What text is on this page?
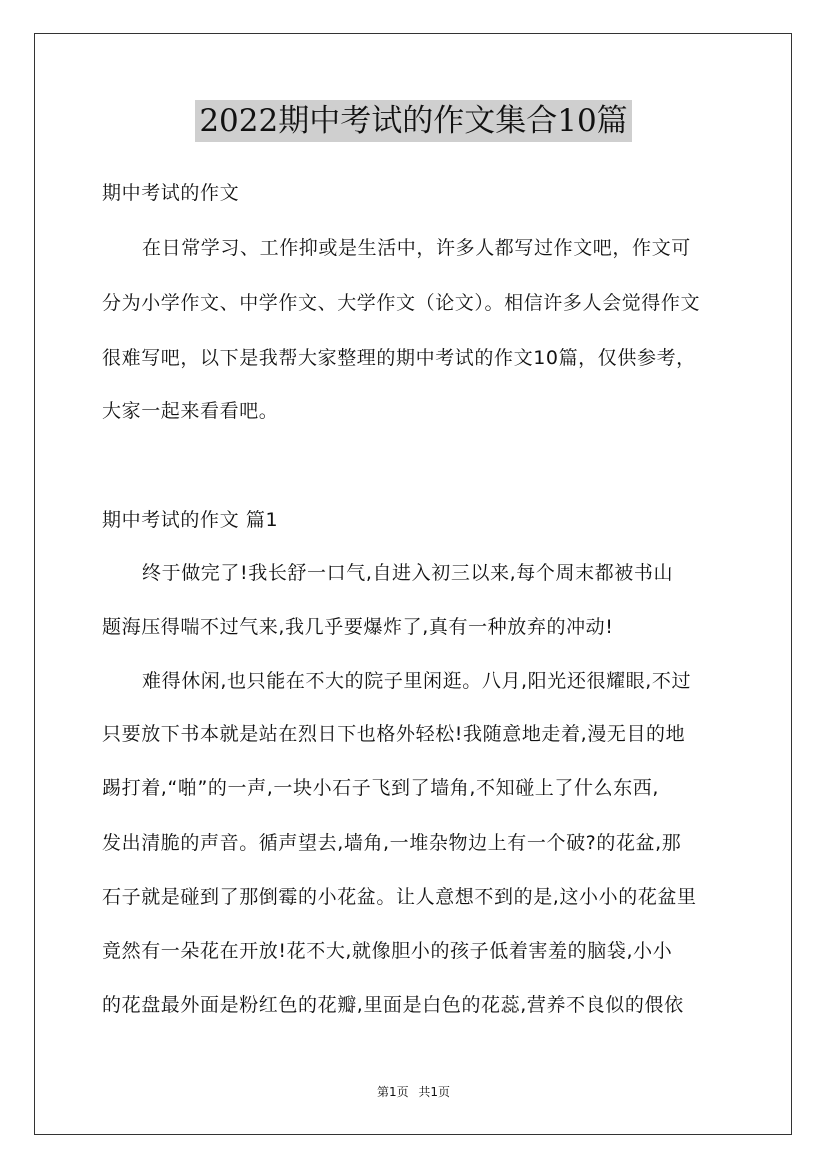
2022期中考试的作文集合10篇
期中考试的作文
在日常学习、工作抑或是生活中，许多人都写过作文吧，作文可
分为小学作文、中学作文、大学作文（论文）。相信许多人会觉得作文
很难写吧，以下是我帮大家整理的期中考试的作文10篇，仅供参考，
大家一起来看看吧。
期中考试的作文 篇1
终于做完了!我长舒一口气,自进入初三以来,每个周末都被书山
题海压得喘不过气来,我几乎要爆炸了,真有一种放弃的冲动!
难得休闲,也只能在不大的院子里闲逛。八月,阳光还很耀眼,不过
只要放下书本就是站在烈日下也格外轻松!我随意地走着,漫无目的地
踢打着,“啪”的一声,一块小石子飞到了墙角,不知碰上了什么东西,
发出清脆的声音。循声望去,墙角,一堆杂物边上有一个破?的花盆,那
石子就是碰到了那倒霉的小花盆。让人意想不到的是,这小小的花盆里
竟然有一朵花在开放!花不大,就像胆小的孩子低着害羞的脑袋,小小
的花盘最外面是粉红色的花瓣,里面是白色的花蕊,营养不良似的偎依
第1页 共1页
